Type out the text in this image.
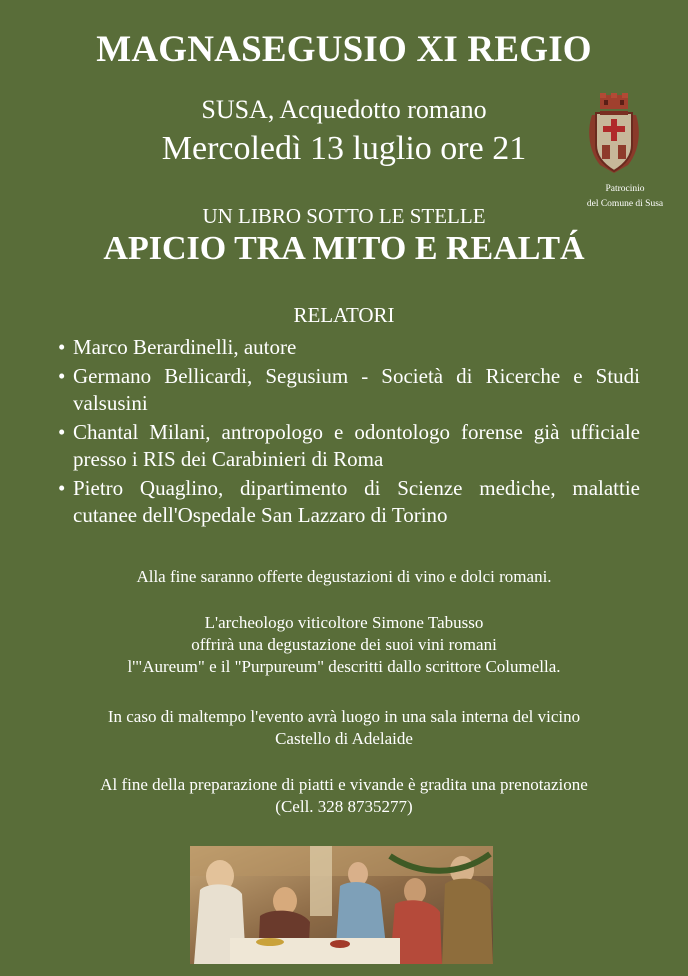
MAGNASEGUSIO XI REGIO
SUSA, Acquedotto romano
Mercoledì 13 luglio ore 21
Patrocinio
del Comune di Susa
UN LIBRO SOTTO LE STELLE
APICIO TRA MITO E REALTÁ
RELATORI
• Marco Berardinelli, autore
• Germano Bellicardi, Segusium - Società di Ricerche e Studi valsusini
• Chantal Milani, antropologo e odontologo forense già ufficiale presso i RIS dei Carabinieri di Roma
• Pietro Quaglino, dipartimento di Scienze mediche, malattie cutanee dell'Ospedale San Lazzaro di Torino
Alla fine saranno offerte degustazioni di vino e dolci romani.
L'archeologo viticoltore Simone Tabusso
offrirà una degustazione dei suoi vini romani
l'"Aureum" e il "Purpureum" descritti dallo scrittore Columella.
In caso di maltempo l'evento avrà luogo in una sala interna del vicino
Castello di Adelaide
Al fine della preparazione di piatti e vivande è gradita una prenotazione
(Cell. 328 8735277)
